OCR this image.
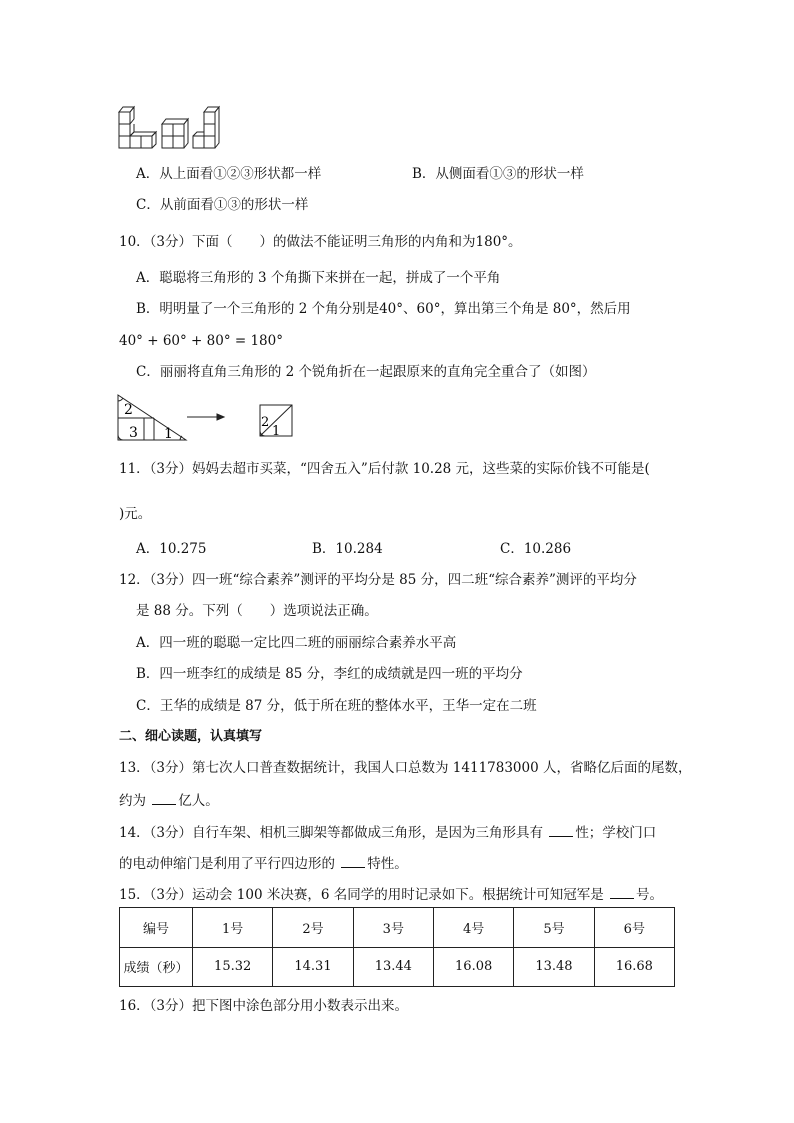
A．从上面看①②③形状都一样	B．从侧面看①③的形状一样
C．从前面看①③的形状一样
10．（3分）下面（　　）的做法不能证明三角形的内角和为180°。
A．聪聪将三角形的 3 个角撕下来拼在一起，拼成了一个平角
B．明明量了一个三角形的 2 个角分别是40°、60°，算出第三个角是 80°，然后用
40° + 60° + 80° = 180°
C．丽丽将直角三角形的 2 个锐角折在一起跟原来的直角完全重合了（如图）
2
3 1
2
1
11．（3分）妈妈去超市买菜，“四舍五入”后付款 10.28 元，这些菜的实际价钱不可能是(
)元。
A．10.275	B．10.284	C．10.286
12．（3分）四一班“综合素养”测评的平均分是 85 分，四二班“综合素养”测评的平均分
是 88 分。下列（　　）选项说法正确。
A．四一班的聪聪一定比四二班的丽丽综合素养水平高
B．四一班李红的成绩是 85 分，李红的成绩就是四一班的平均分
C．王华的成绩是 87 分，低于所在班的整体水平，王华一定在二班
二、细心读题，认真填写
13．（3分）第七次人口普查数据统计，我国人口总数为 1411783000 人，省略亿后面的尾数，
约为 亿人。
14．（3分）自行车架、相机三脚架等都做成三角形，是因为三角形具有 性；学校门口
的电动伸缩门是利用了平行四边形的 特性。
15．（3分）运动会 100 米决赛，6 名同学的用时记录如下。根据统计可知冠军是 号。
编号	1号	2号	3号	4号	5号	6号
成绩（秒）	15.32	14.31	13.44	16.08	13.48	16.68
16．（3分）把下图中涂色部分用小数表示出来。
